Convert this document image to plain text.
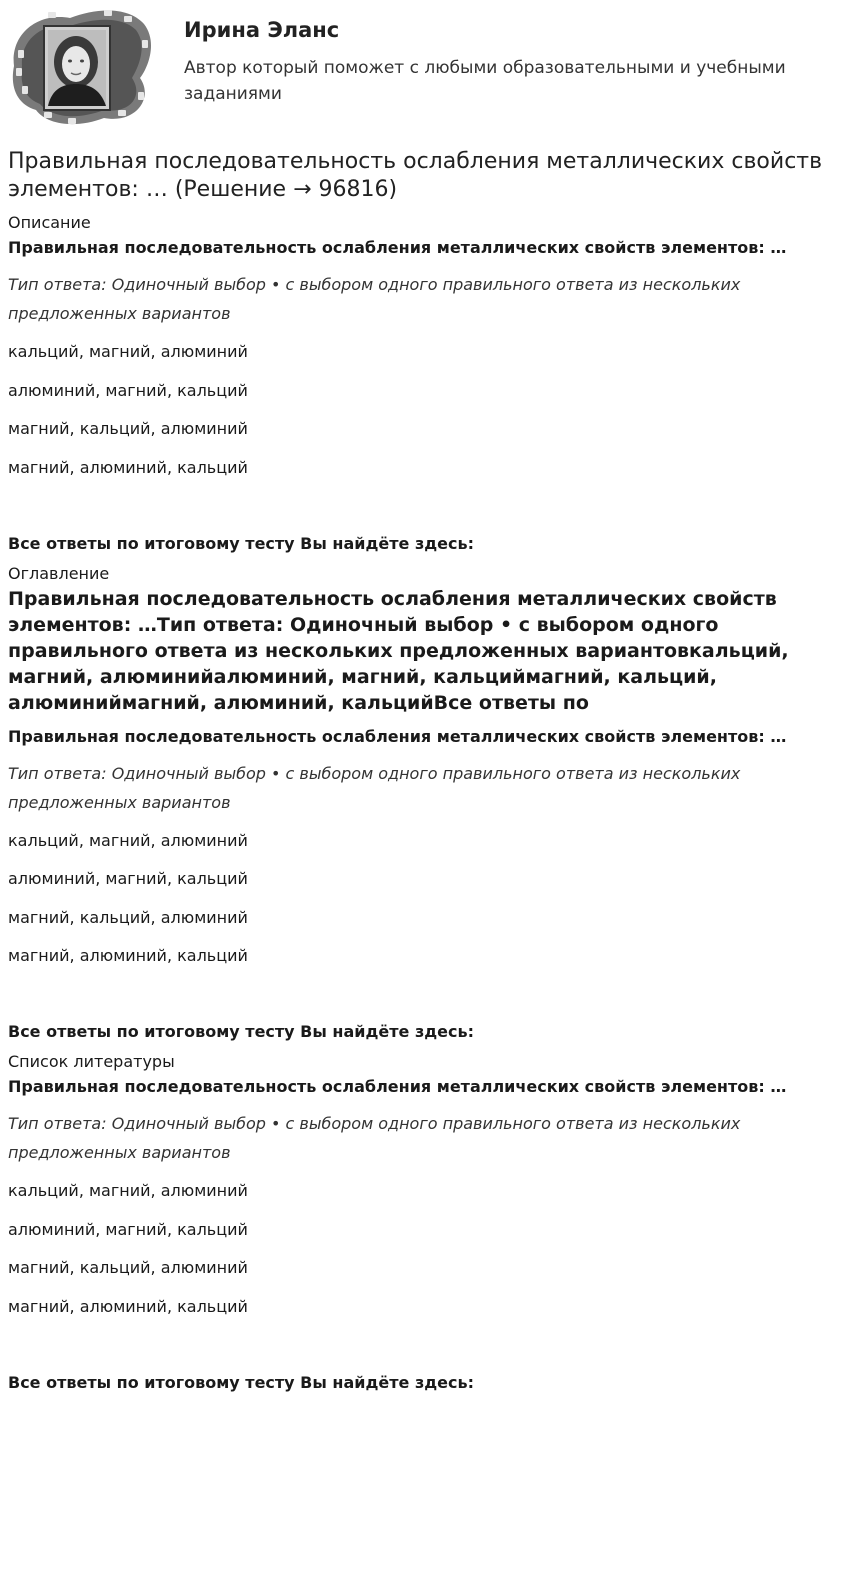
Ирина Эланс
Автор который поможет с любыми образовательными и учебными заданиями
Правильная последовательность ослабления металлических свойств элементов: … (Решение → 96816)
Описание

Правильная последовательность ослабления металлических свойств элементов: …

Тип ответа: Одиночный выбор • с выбором одного правильного ответа из нескольких предложенных вариантов

кальций, магний, алюминий

алюминий, магний, кальций

магний, кальций, алюминий

магний, алюминий, кальций

Все ответы по итоговому тесту Вы найдёте здесь:

Оглавление
Правильная последовательность ослабления металлических свойств элементов: …Тип ответа: Одиночный выбор • с выбором одного правильного ответа из нескольких предложенных вариантовкальций, магний, алюминийалюминий, магний, кальциймагний, кальций, алюминиймагний, алюминий, кальцийВсе ответы по

Правильная последовательность ослабления металлических свойств элементов: …

Тип ответа: Одиночный выбор • с выбором одного правильного ответа из нескольких предложенных вариантов

кальций, магний, алюминий

алюминий, магний, кальций

магний, кальций, алюминий

магний, алюминий, кальций

Все ответы по итоговому тесту Вы найдёте здесь:

Список литературы

Правильная последовательность ослабления металлических свойств элементов: …

Тип ответа: Одиночный выбор • с выбором одного правильного ответа из нескольких предложенных вариантов

кальций, магний, алюминий

алюминий, магний, кальций

магний, кальций, алюминий

магний, алюминий, кальций

Все ответы по итоговому тесту Вы найдёте здесь:
